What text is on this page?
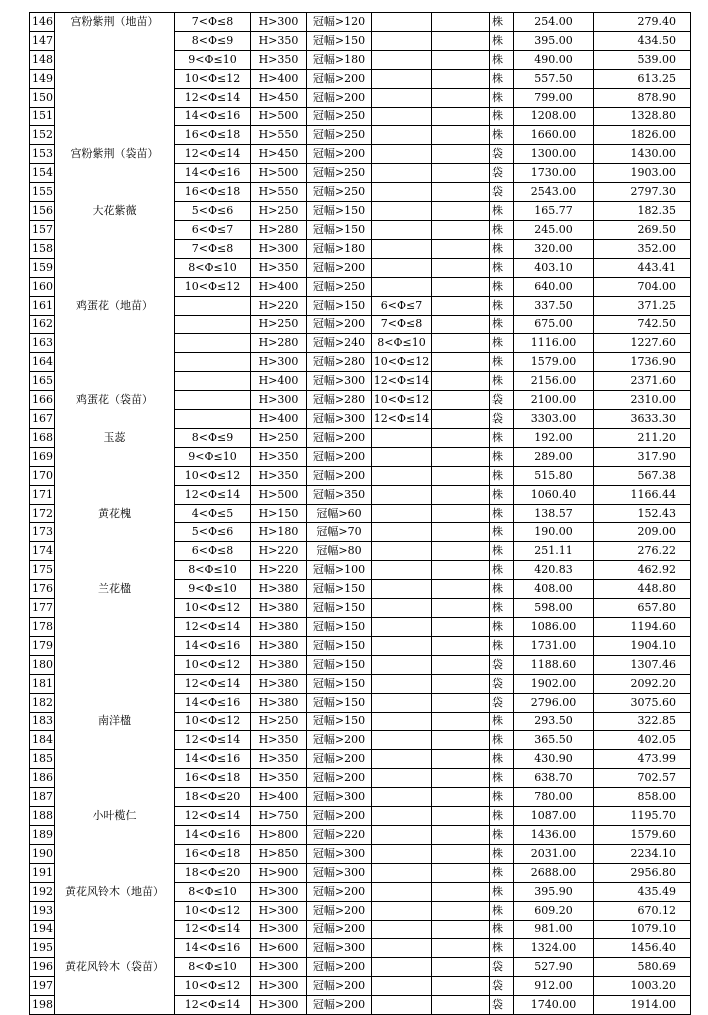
146	宫粉紫荆（地苗）	7<Φ≤8	H>300	冠幅>120			株	254.00	279.40
147		8<Φ≤9	H>350	冠幅>150			株	395.00	434.50
148		9<Φ≤10	H>350	冠幅>180			株	490.00	539.00
149		10<Φ≤12	H>400	冠幅>200			株	557.50	613.25
150		12<Φ≤14	H>450	冠幅>200			株	799.00	878.90
151		14<Φ≤16	H>500	冠幅>250			株	1208.00	1328.80
152		16<Φ≤18	H>550	冠幅>250			株	1660.00	1826.00
153	宫粉紫荆（袋苗）	12<Φ≤14	H>450	冠幅>200			袋	1300.00	1430.00
154		14<Φ≤16	H>500	冠幅>250			袋	1730.00	1903.00
155		16<Φ≤18	H>550	冠幅>250			袋	2543.00	2797.30
156	大花紫薇	5<Φ≤6	H>250	冠幅>150			株	165.77	182.35
157		6<Φ≤7	H>280	冠幅>150			株	245.00	269.50
158		7<Φ≤8	H>300	冠幅>180			株	320.00	352.00
159		8<Φ≤10	H>350	冠幅>200			株	403.10	443.41
160		10<Φ≤12	H>400	冠幅>250			株	640.00	704.00
161	鸡蛋花（地苗）		H>220	冠幅>150	6<Φ≤7		株	337.50	371.25
162			H>250	冠幅>200	7<Φ≤8		株	675.00	742.50
163			H>280	冠幅>240	8<Φ≤10		株	1116.00	1227.60
164			H>300	冠幅>280	10<Φ≤12		株	1579.00	1736.90
165			H>400	冠幅>300	12<Φ≤14		株	2156.00	2371.60
166	鸡蛋花（袋苗）		H>300	冠幅>280	10<Φ≤12		袋	2100.00	2310.00
167			H>400	冠幅>300	12<Φ≤14		袋	3303.00	3633.30
168	玉蕊	8<Φ≤9	H>250	冠幅>200			株	192.00	211.20
169		9<Φ≤10	H>350	冠幅>200			株	289.00	317.90
170		10<Φ≤12	H>350	冠幅>200			株	515.80	567.38
171		12<Φ≤14	H>500	冠幅>350			株	1060.40	1166.44
172	黄花槐	4<Φ≤5	H>150	冠幅>60			株	138.57	152.43
173		5<Φ≤6	H>180	冠幅>70			株	190.00	209.00
174		6<Φ≤8	H>220	冠幅>80			株	251.11	276.22
175		8<Φ≤10	H>220	冠幅>100			株	420.83	462.92
176	兰花楹	9<Φ≤10	H>380	冠幅>150			株	408.00	448.80
177		10<Φ≤12	H>380	冠幅>150			株	598.00	657.80
178		12<Φ≤14	H>380	冠幅>150			株	1086.00	1194.60
179		14<Φ≤16	H>380	冠幅>150			株	1731.00	1904.10
180		10<Φ≤12	H>380	冠幅>150			袋	1188.60	1307.46
181		12<Φ≤14	H>380	冠幅>150			袋	1902.00	2092.20
182		14<Φ≤16	H>380	冠幅>150			袋	2796.00	3075.60
183	南洋楹	10<Φ≤12	H>250	冠幅>150			株	293.50	322.85
184		12<Φ≤14	H>350	冠幅>200			株	365.50	402.05
185		14<Φ≤16	H>350	冠幅>200			株	430.90	473.99
186		16<Φ≤18	H>350	冠幅>200			株	638.70	702.57
187		18<Φ≤20	H>400	冠幅>300			株	780.00	858.00
188	小叶榄仁	12<Φ≤14	H>750	冠幅>200			株	1087.00	1195.70
189		14<Φ≤16	H>800	冠幅>220			株	1436.00	1579.60
190		16<Φ≤18	H>850	冠幅>300			株	2031.00	2234.10
191		18<Φ≤20	H>900	冠幅>300			株	2688.00	2956.80
192	黄花风铃木（地苗）	8<Φ≤10	H>300	冠幅>200			株	395.90	435.49
193		10<Φ≤12	H>300	冠幅>200			株	609.20	670.12
194		12<Φ≤14	H>300	冠幅>200			株	981.00	1079.10
195		14<Φ≤16	H>600	冠幅>300			株	1324.00	1456.40
196	黄花风铃木（袋苗）	8<Φ≤10	H>300	冠幅>200			袋	527.90	580.69
197		10<Φ≤12	H>300	冠幅>200			袋	912.00	1003.20
198		12<Φ≤14	H>300	冠幅>200			袋	1740.00	1914.00
